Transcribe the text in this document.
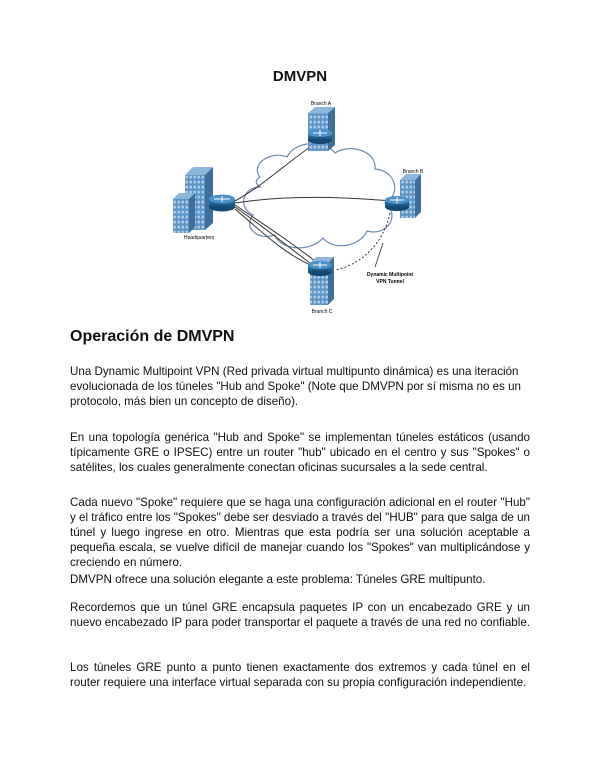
DMVPN
Branch A
Branch B
Branch C
Headquarters
Dynamic Multipoint
VPN Tunnel
Operación de DMVPN

Una Dynamic Multipoint VPN (Red privada virtual multipunto dinámica) es una iteración evolucionada de los túneles "Hub and Spoke" (Note que DMVPN por sí misma no es un protocolo, más bien un concepto de diseño).

En una topología genérica "Hub and Spoke" se implementan túneles estáticos (usando típicamente GRE o IPSEC) entre un router "hub" ubicado en el centro y sus "Spokes" o satélites, los cuales generalmente conectan oficinas sucursales a la sede central.

Cada nuevo "Spoke" requiere que se haga una configuración adicional en el router "Hub" y el tráfico entre los "Spokes" debe ser desviado a través del "HUB" para que salga de un túnel y luego ingrese en otro. Mientras que esta podría ser una solución aceptable a pequeña escala, se vuelve difícil de manejar cuando los "Spokes" van multiplicándose y creciendo en número.

DMVPN ofrece una solución elegante a este problema: Túneles GRE multipunto.

Recordemos que un túnel GRE encapsula paquetes IP con un encabezado GRE y un nuevo encabezado IP para poder transportar el paquete a través de una red no confiable.

Los túneles GRE punto a punto tienen exactamente dos extremos y cada túnel en el router requiere una interface virtual separada con su propia configuración independiente.
